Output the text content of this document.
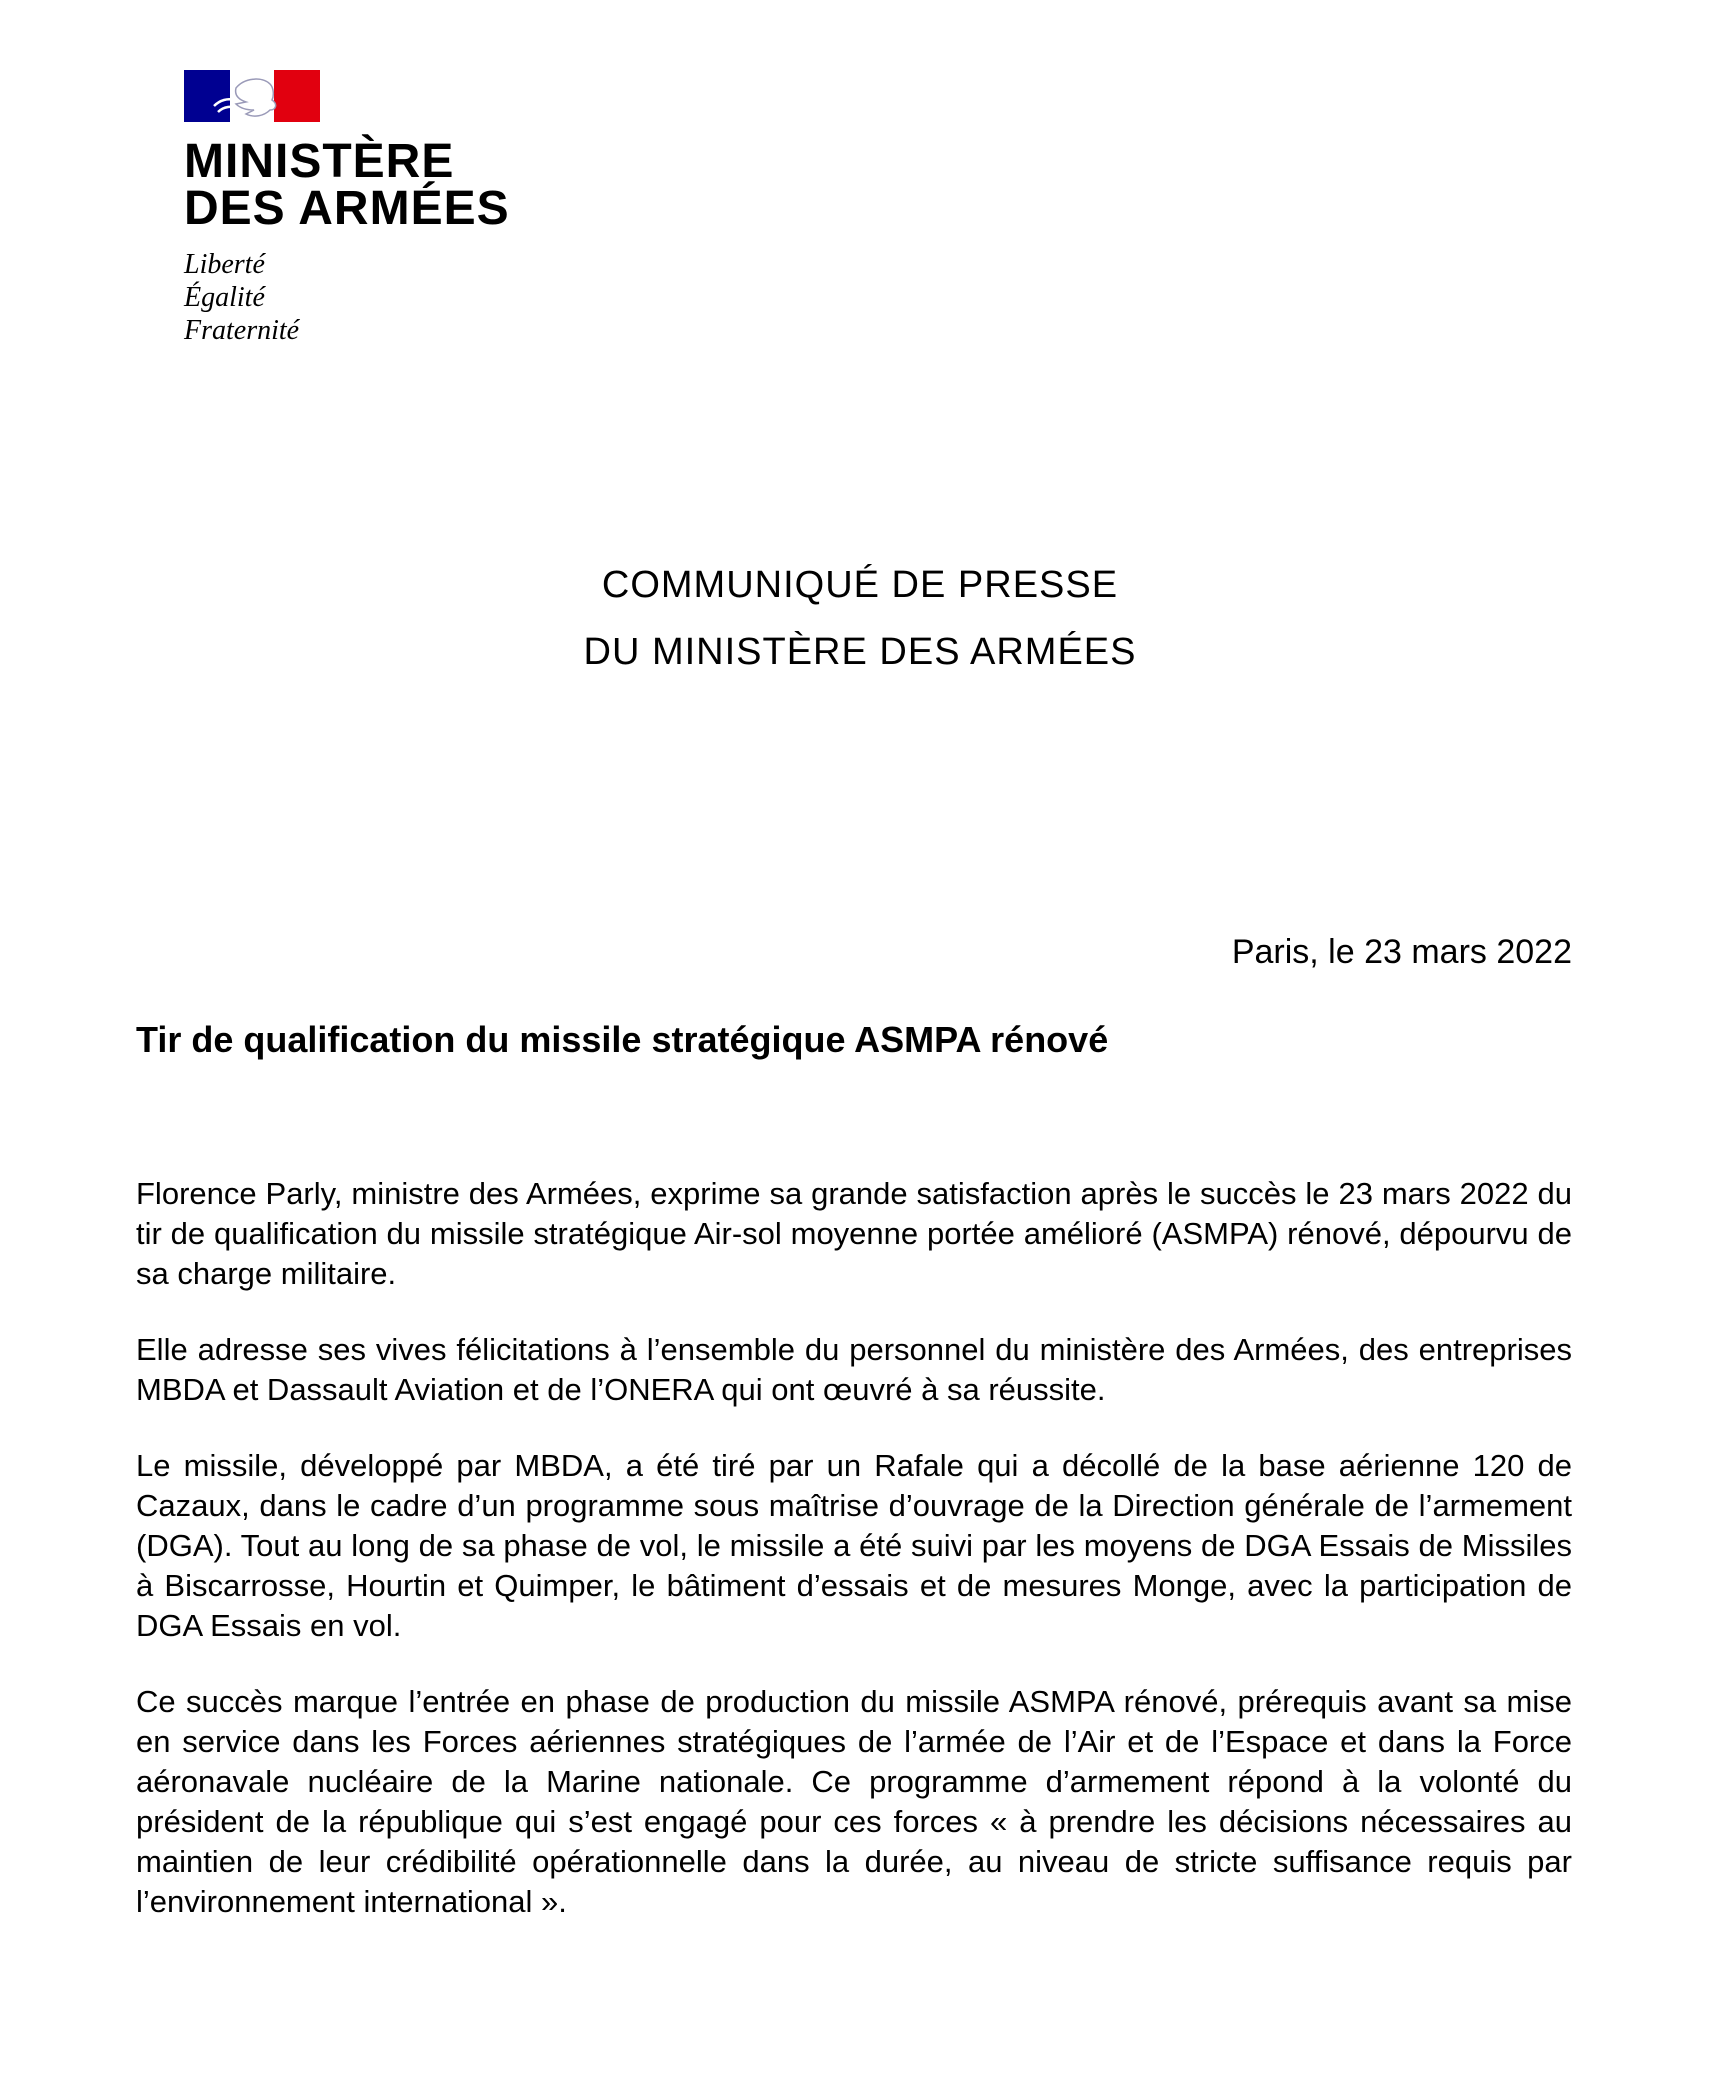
MINISTÈRE
DES ARMÉES
Liberté
Égalité
Fraternité
COMMUNIQUÉ DE PRESSE
DU MINISTÈRE DES ARMÉES
Paris, le 23 mars 2022
Tir de qualification du missile stratégique ASMPA rénové

Florence Parly, ministre des Armées, exprime sa grande satisfaction après le succès le 23 mars 2022 du tir de qualification du missile stratégique Air-sol moyenne portée amélioré (ASMPA) rénové, dépourvu de sa charge militaire.

Elle adresse ses vives félicitations à l’ensemble du personnel du ministère des Armées, des entreprises MBDA et Dassault Aviation et de l’ONERA qui ont œuvré à sa réussite.

Le missile, développé par MBDA, a été tiré par un Rafale qui a décollé de la base aérienne 120 de Cazaux, dans le cadre d’un programme sous maîtrise d’ouvrage de la Direction générale de l’armement (DGA). Tout au long de sa phase de vol, le missile a été suivi par les moyens de DGA Essais de Missiles à Biscarrosse, Hourtin et Quimper, le bâtiment d’essais et de mesures Monge, avec la participation de DGA Essais en vol.

Ce succès marque l’entrée en phase de production du missile ASMPA rénové, prérequis avant sa mise en service dans les Forces aériennes stratégiques de l’armée de l’Air et de l’Espace et dans la Force aéronavale nucléaire de la Marine nationale. Ce programme d’armement répond à la volonté du président de la république qui s’est engagé pour ces forces « à prendre les décisions nécessaires au maintien de leur crédibilité opérationnelle dans la durée, au niveau de stricte suffisance requis par l’environnement international ».
